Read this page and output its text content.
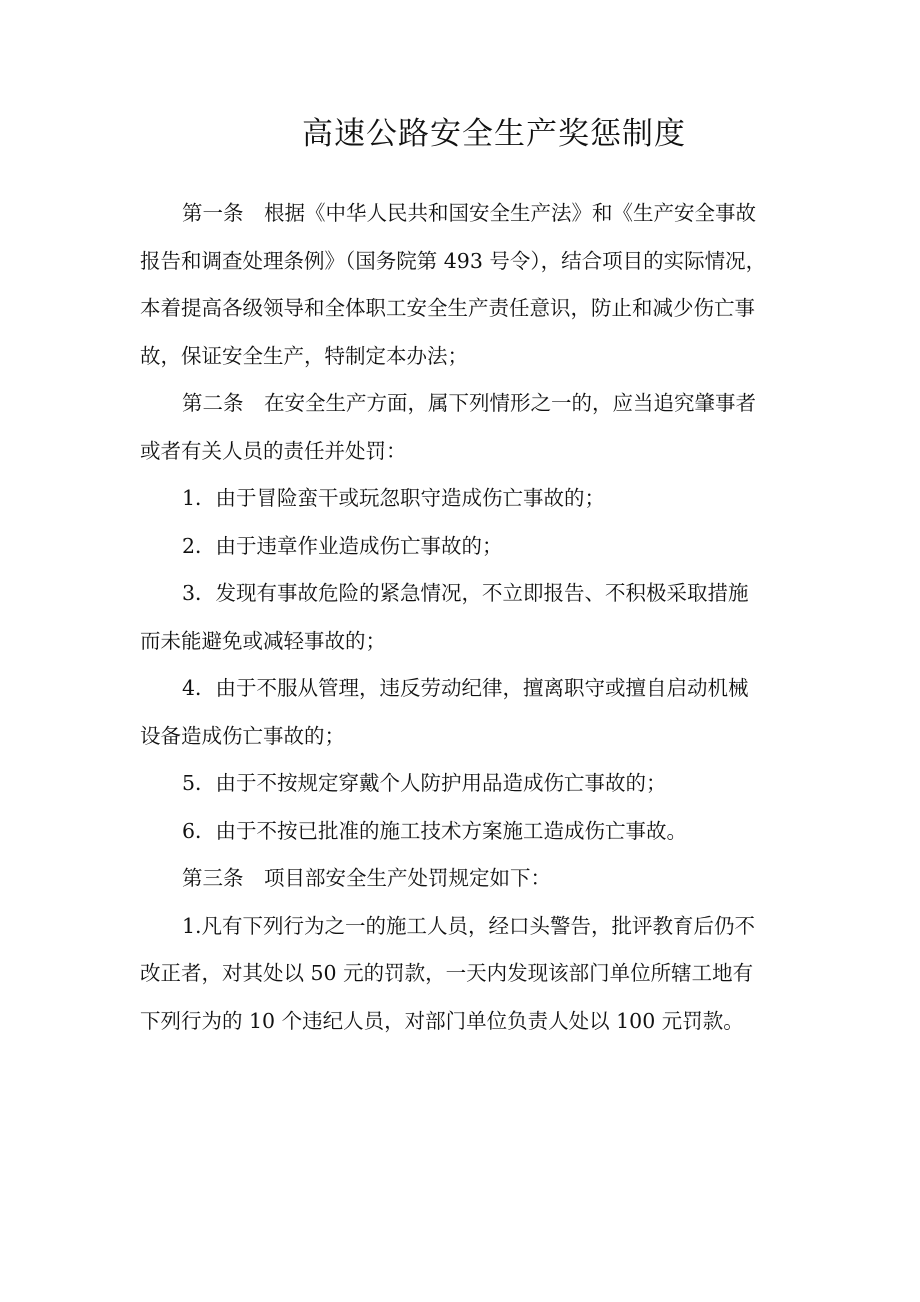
高速公路安全生产奖惩制度
第一条　根据《中华人民共和国安全生产法》和《生产安全事故
报告和调查处理条例》（国务院第 493 号令），结合项目的实际情况，
本着提高各级领导和全体职工安全生产责任意识，防止和减少伤亡事
故，保证安全生产，特制定本办法；
第二条　在安全生产方面，属下列情形之一的，应当追究肇事者
或者有关人员的责任并处罚：
1．由于冒险蛮干或玩忽职守造成伤亡事故的；
2．由于违章作业造成伤亡事故的；
3．发现有事故危险的紧急情况，不立即报告、不积极采取措施
而未能避免或减轻事故的；
4．由于不服从管理，违反劳动纪律，擅离职守或擅自启动机械
设备造成伤亡事故的；
5．由于不按规定穿戴个人防护用品造成伤亡事故的；
6．由于不按已批准的施工技术方案施工造成伤亡事故。
第三条　项目部安全生产处罚规定如下：
1.凡有下列行为之一的施工人员，经口头警告，批评教育后仍不
改正者，对其处以 50 元的罚款，一天内发现该部门单位所辖工地有
下列行为的 10 个违纪人员，对部门单位负责人处以 100 元罚款。
